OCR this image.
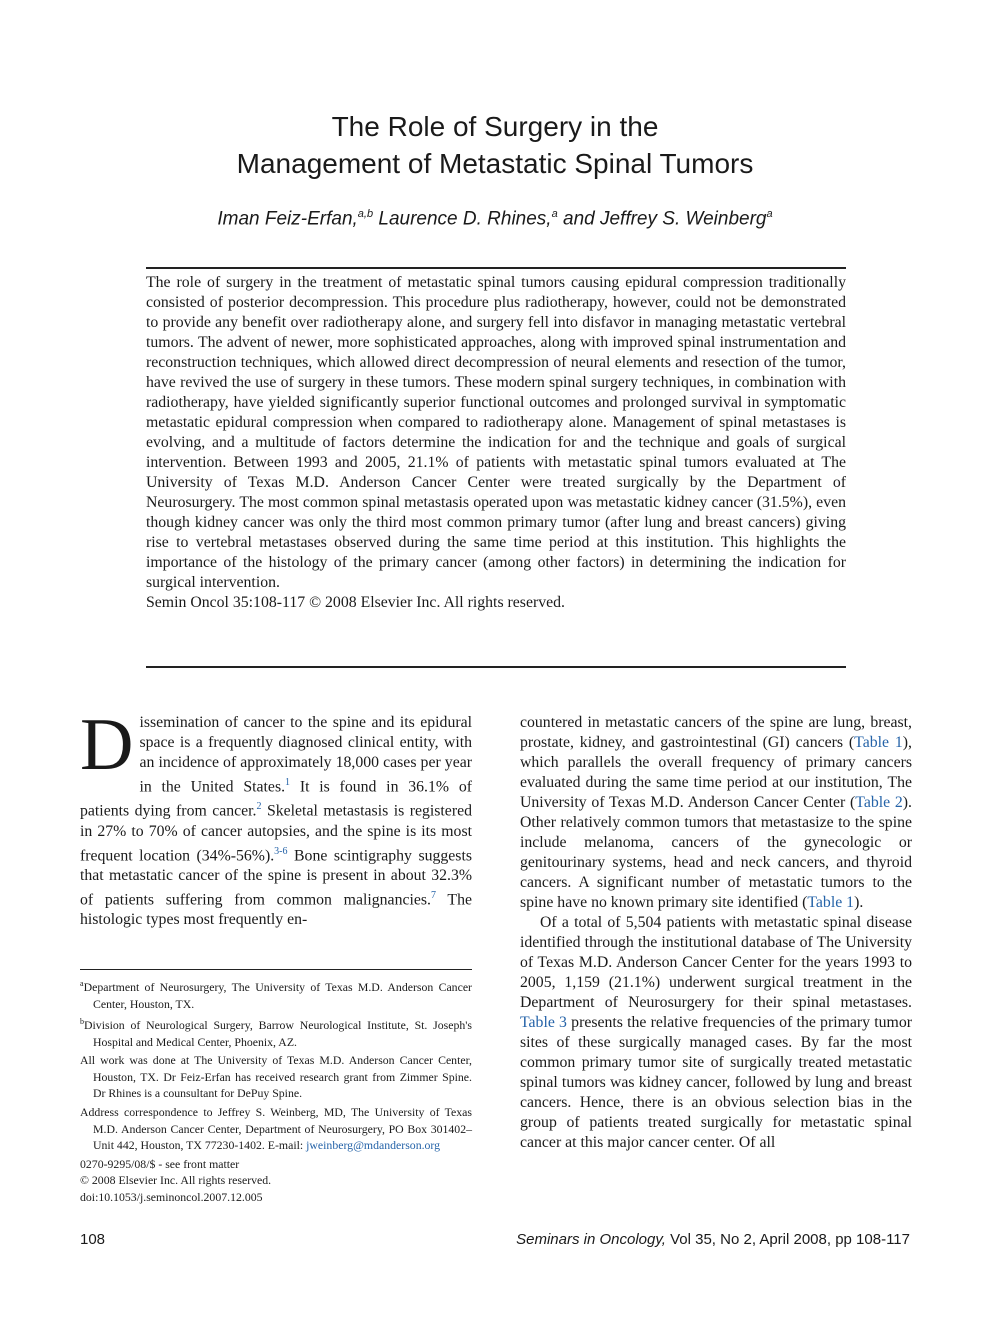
The Role of Surgery in the
Management of Metastatic Spinal Tumors
Iman Feiz-Erfan,$^{a,b}$ Laurence D. Rhines,$^a$ and Jeffrey S. Weinberg$^a$

The role of surgery in the treatment of metastatic spinal tumors causing epidural compression traditionally consisted of posterior decompression. This procedure plus radiotherapy, however, could not be demonstrated to provide any benefit over radiotherapy alone, and surgery fell into disfavor in managing metastatic vertebral tumors. The advent of newer, more sophisticated approaches, along with improved spinal instrumentation and reconstruction techniques, which allowed direct decompression of neural elements and resection of the tumor, have revived the use of surgery in these tumors. These modern spinal surgery techniques, in combination with radiotherapy, have yielded significantly superior functional outcomes and prolonged survival in symptomatic metastatic epidural compression when compared to radiotherapy alone. Management of spinal metastases is evolving, and a multitude of factors determine the indication for and the technique and goals of surgical intervention. Between 1993 and 2005, 21.1% of patients with metastatic spinal tumors evaluated at The University of Texas M.D. Anderson Cancer Center were treated surgically by the Department of Neurosurgery. The most common spinal metastasis operated upon was metastatic kidney cancer (31.5%), even though kidney cancer was only the third most common primary tumor (after lung and breast cancers) giving rise to vertebral metastases observed during the same time period at this institution. This highlights the importance of the histology of the primary cancer (among other factors) in determining the indication for surgical intervention.

Semin Oncol 35:108-117 © 2008 Elsevier Inc. All rights reserved.

Dissemination of cancer to the spine and its epidural space is a frequently diagnosed clinical entity, with an incidence of approximately 18,000 cases per year in the United States.$^1$ It is found in 36.1% of patients dying from cancer.$^2$ Skeletal metastasis is registered in 27% to 70% of cancer autopsies, and the spine is its most frequent location (34%-56%).$^{3-6}$ Bone scintigraphy suggests that metastatic cancer of the spine is present in about 32.3% of patients suffering from common malignancies.$^7$ The histologic types most frequently en-

$^a$Department of Neurosurgery, The University of Texas M.D. Anderson Cancer Center, Houston, TX.

$^b$Division of Neurological Surgery, Barrow Neurological Institute, St. Joseph's Hospital and Medical Center, Phoenix, AZ.

All work was done at The University of Texas M.D. Anderson Cancer Center, Houston, TX. Dr Feiz-Erfan has received research grant from Zimmer Spine. Dr Rhines is a counsultant for DePuy Spine.

Address correspondence to Jeffrey S. Weinberg, MD, The University of Texas M.D. Anderson Cancer Center, Department of Neurosurgery, PO Box 301402–Unit 442, Houston, TX 77230-1402. E-mail: jweinberg@mdanderson.org

0270-9295/08/$ - see front matter

© 2008 Elsevier Inc. All rights reserved.

doi:10.1053/j.seminoncol.2007.12.005

countered in metastatic cancers of the spine are lung, breast, prostate, kidney, and gastrointestinal (GI) cancers (Table 1), which parallels the overall frequency of primary cancers evaluated during the same time period at our institution, The University of Texas M.D. Anderson Cancer Center (Table 2). Other relatively common tumors that metastasize to the spine include melanoma, cancers of the gynecologic or genitourinary systems, head and neck cancers, and thyroid cancers. A significant number of metastatic tumors to the spine have no known primary site identified (Table 1).

Of a total of 5,504 patients with metastatic spinal disease identified through the institutional database of The University of Texas M.D. Anderson Cancer Center for the years 1993 to 2005, 1,159 (21.1%) underwent surgical treatment in the Department of Neurosurgery for their spinal metastases. Table 3 presents the relative frequencies of the primary tumor sites of these surgically managed cases. By far the most common primary tumor site of surgically treated metastatic spinal tumors was kidney cancer, followed by lung and breast cancers. Hence, there is an obvious selection bias in the group of patients treated surgically for metastatic spinal cancer at this major cancer center. Of all

108	Seminars in Oncology, Vol 35, No 2, April 2008, pp 108-117
